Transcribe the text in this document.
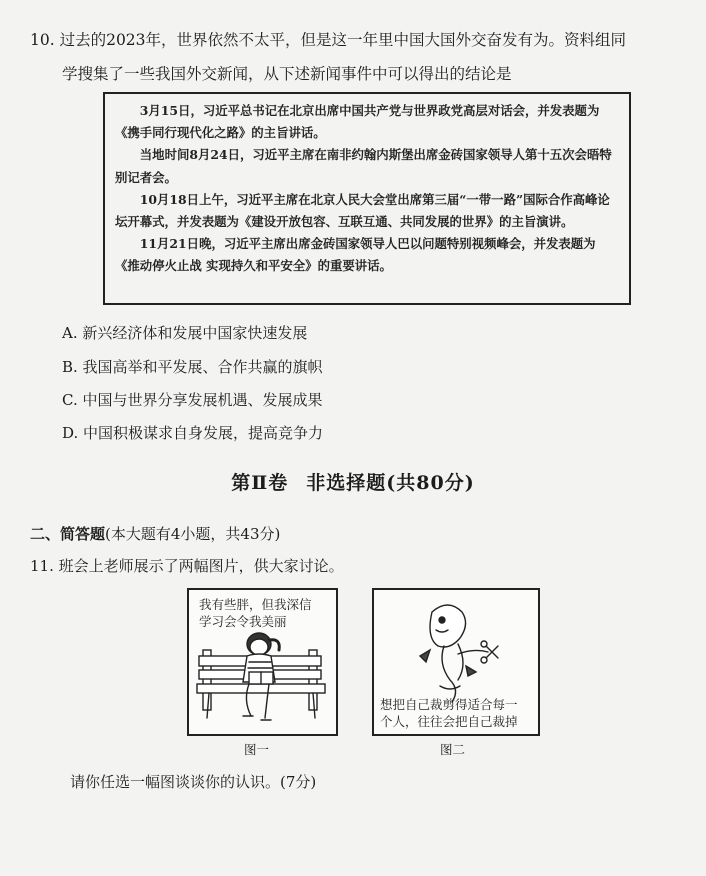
10. 过去的2023年，世界依然不太平，但是这一年里中国大国外交奋发有为。资料组同
学搜集了一些我国外交新闻，从下述新闻事件中可以得出的结论是

3月15日，习近平总书记在北京出席中国共产党与世界政党高层对话会，并发表题为《携手同行现代化之路》的主旨讲话。

当地时间8月24日，习近平主席在南非约翰内斯堡出席金砖国家领导人第十五次会晤特别记者会。

10月18日上午，习近平主席在北京人民大会堂出席第三届“一带一路”国际合作高峰论坛开幕式，并发表题为《建设开放包容、互联互通、共同发展的世界》的主旨演讲。

11月21日晚，习近平主席出席金砖国家领导人巴以问题特别视频峰会，并发表题为《推动停火止战 实现持久和平安全》的重要讲话。

A. 新兴经济体和发展中国家快速发展
B. 我国高举和平发展、合作共赢的旗帜
C. 中国与世界分享发展机遇、发展成果
D. 中国积极谋求自身发展，提高竞争力
第Ⅱ卷 非选择题(共80分)
二、简答题(本大题有4小题，共43分)
11. 班会上老师展示了两幅图片，供大家讨论。
我有些胖，但我深信
学习会令我美丽
想把自己裁剪得适合每一
个人，往往会把自己裁掉
图一	图二
请你任选一幅图谈谈你的认识。(7分)
